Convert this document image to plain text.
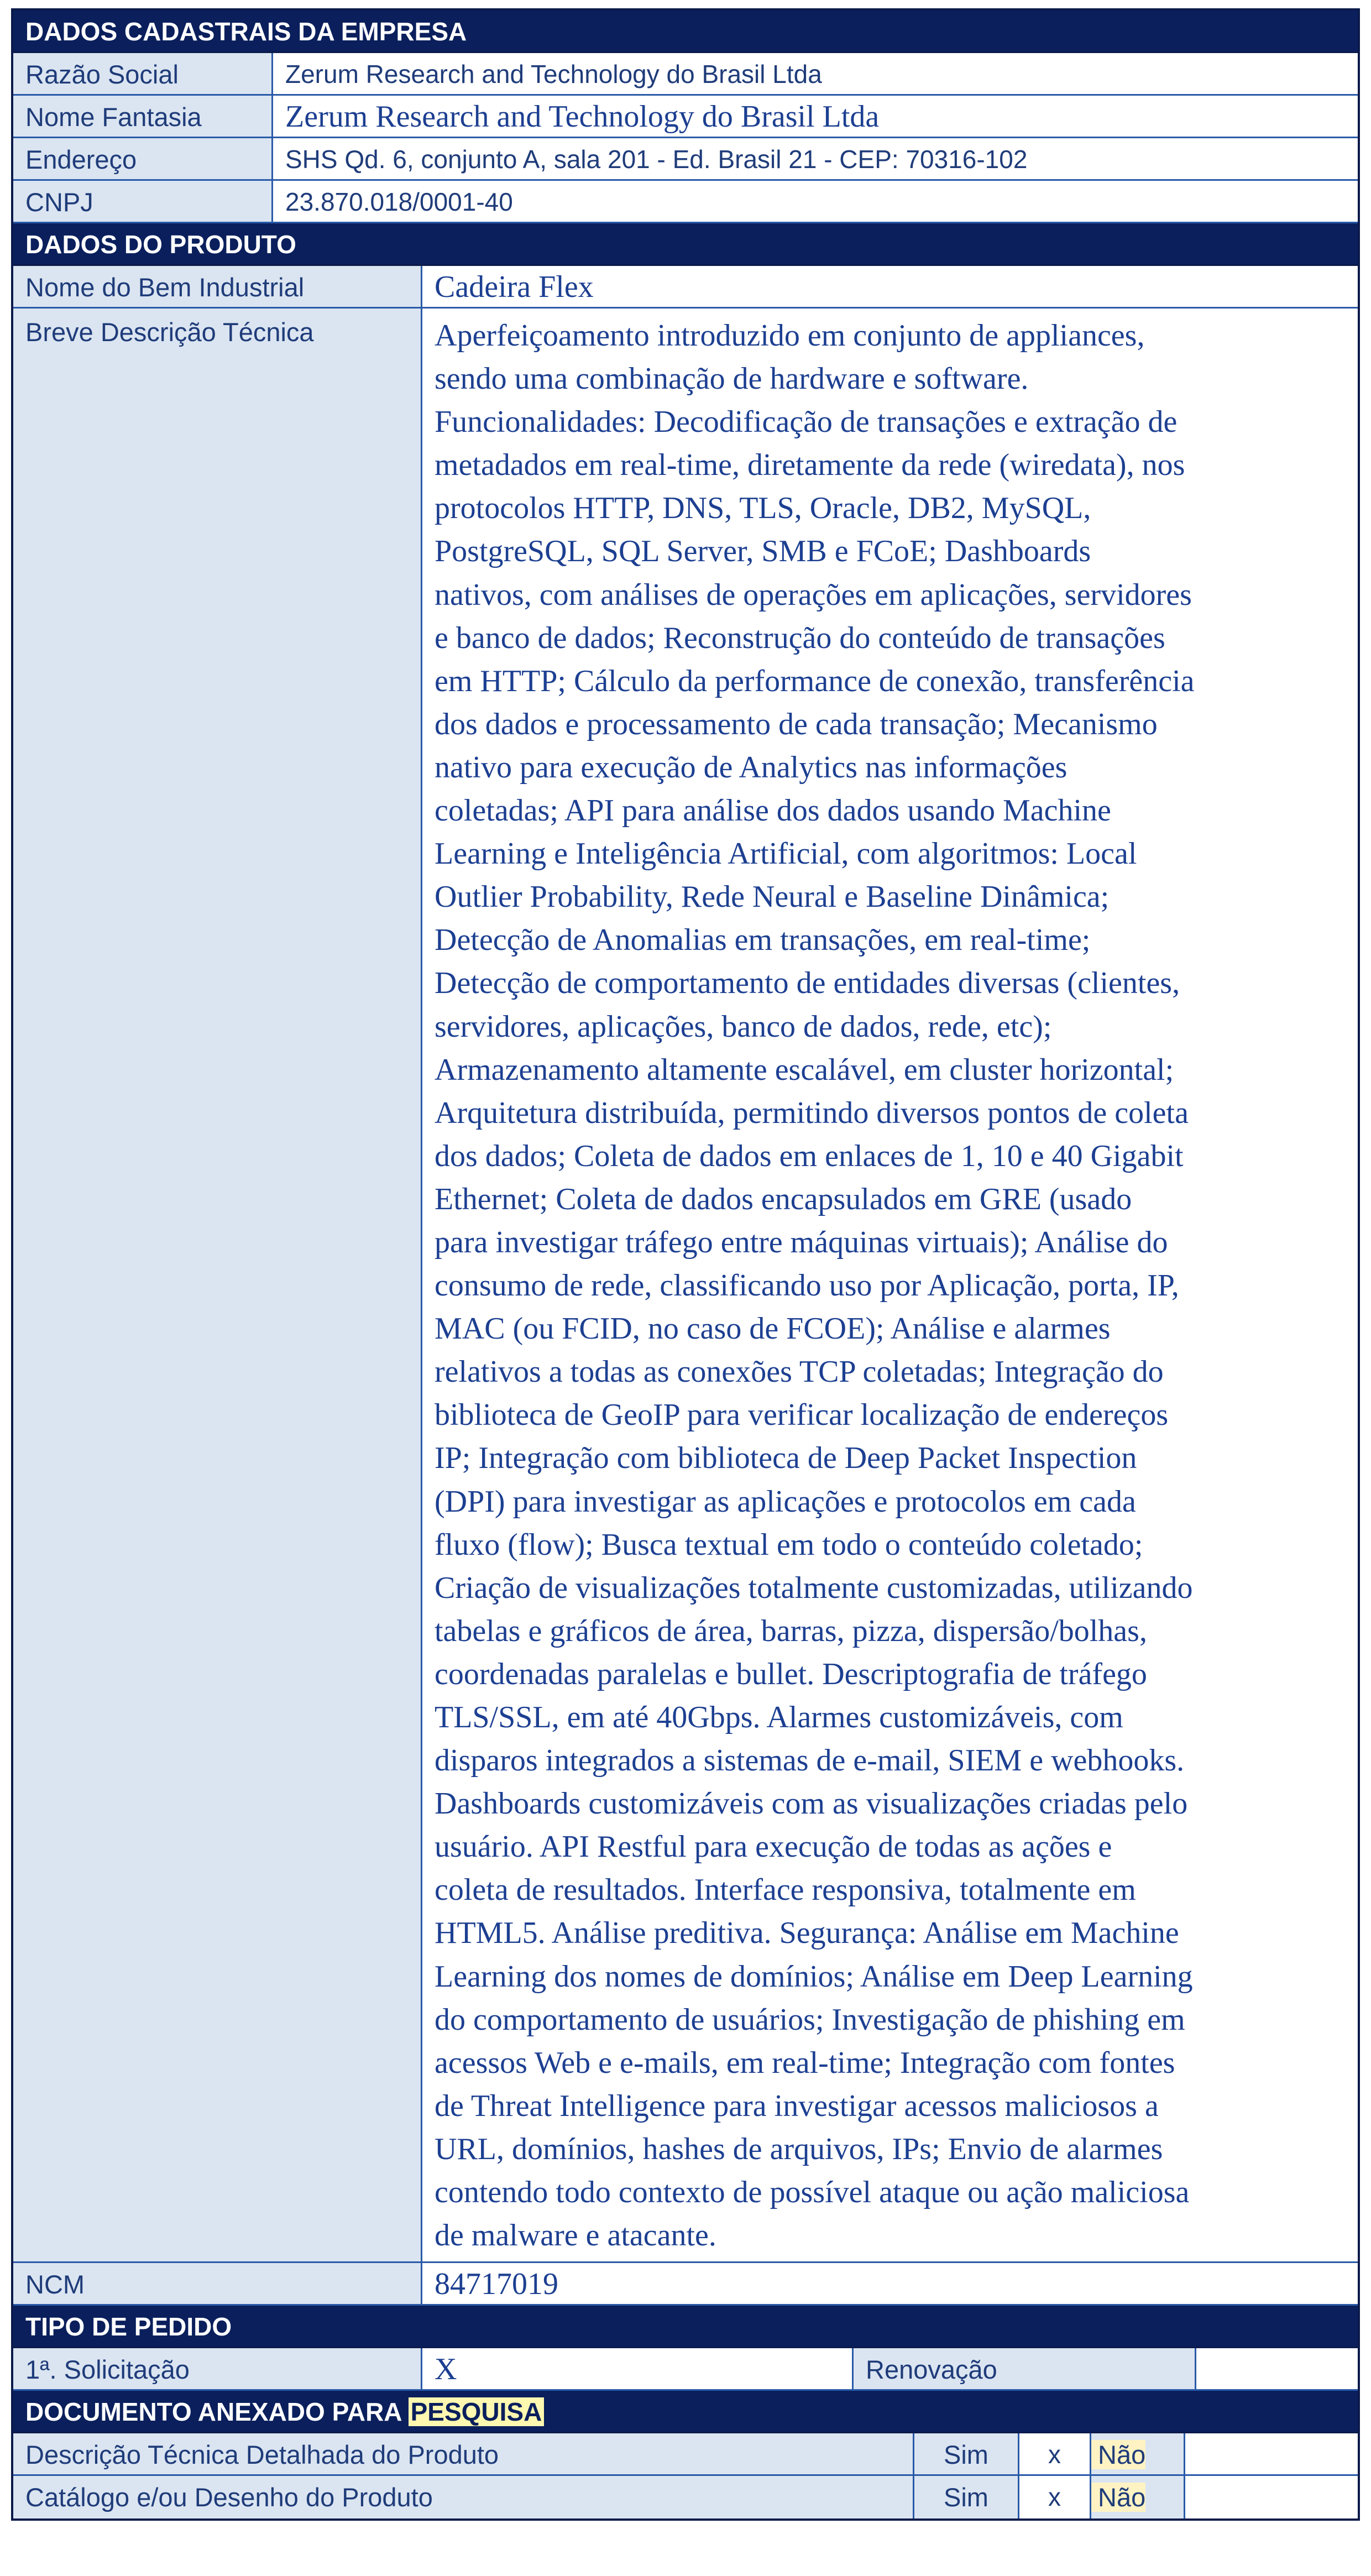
DADOS CADASTRAIS DA EMPRESA
Razão Social	Zerum Research and Technology do Brasil Ltda
Nome Fantasia	Zerum Research and Technology do Brasil Ltda
Endereço	SHS Qd. 6, conjunto A, sala 201 - Ed. Brasil 21 - CEP: 70316-102
CNPJ	23.870.018/0001-40
DADOS DO PRODUTO
Nome do Bem Industrial	Cadeira Flex
Breve Descrição Técnica	Aperfeiçoamento introduzido em conjunto de appliances,
sendo uma combinação de hardware e software.
Funcionalidades: Decodificação de transações e extração de
metadados em real-time, diretamente da rede (wiredata), nos
protocolos HTTP, DNS, TLS, Oracle, DB2, MySQL,
PostgreSQL, SQL Server, SMB e FCoE; Dashboards
nativos, com análises de operações em aplicações, servidores
e banco de dados; Reconstrução do conteúdo de transações
em HTTP; Cálculo da performance de conexão, transferência
dos dados e processamento de cada transação; Mecanismo
nativo para execução de Analytics nas informações
coletadas; API para análise dos dados usando Machine
Learning e Inteligência Artificial, com algoritmos: Local
Outlier Probability, Rede Neural e Baseline Dinâmica;
Detecção de Anomalias em transações, em real-time;
Detecção de comportamento de entidades diversas (clientes,
servidores, aplicações, banco de dados, rede, etc);
Armazenamento altamente escalável, em cluster horizontal;
Arquitetura distribuída, permitindo diversos pontos de coleta
dos dados; Coleta de dados em enlaces de 1, 10 e 40 Gigabit
Ethernet; Coleta de dados encapsulados em GRE (usado
para investigar tráfego entre máquinas virtuais); Análise do
consumo de rede, classificando uso por Aplicação, porta, IP,
MAC (ou FCID, no caso de FCOE); Análise e alarmes
relativos a todas as conexões TCP coletadas; Integração do
biblioteca de GeoIP para verificar localização de endereços
IP; Integração com biblioteca de Deep Packet Inspection
(DPI) para investigar as aplicações e protocolos em cada
fluxo (flow); Busca textual em todo o conteúdo coletado;
Criação de visualizações totalmente customizadas, utilizando
tabelas e gráficos de área, barras, pizza, dispersão/bolhas,
coordenadas paralelas e bullet. Descriptografia de tráfego
TLS/SSL, em até 40Gbps. Alarmes customizáveis, com
disparos integrados a sistemas de e-mail, SIEM e webhooks.
Dashboards customizáveis com as visualizações criadas pelo
usuário. API Restful para execução de todas as ações e
coleta de resultados. Interface responsiva, totalmente em
HTML5. Análise preditiva. Segurança: Análise em Machine
Learning dos nomes de domínios; Análise em Deep Learning
do comportamento de usuários; Investigação de phishing em
acessos Web e e-mails, em real-time; Integração com fontes
de Threat Intelligence para investigar acessos maliciosos a
URL, domínios, hashes de arquivos, IPs; Envio de alarmes
contendo todo contexto de possível ataque ou ação maliciosa
de malware e atacante.
NCM	84717019
TIPO DE PEDIDO
1ª. Solicitação	X	Renovação
DOCUMENTO ANEXADO PARA PESQUISA
Descrição Técnica Detalhada do Produto	Sim	x	Não
Catálogo e/ou Desenho do Produto	Sim	x	Não
